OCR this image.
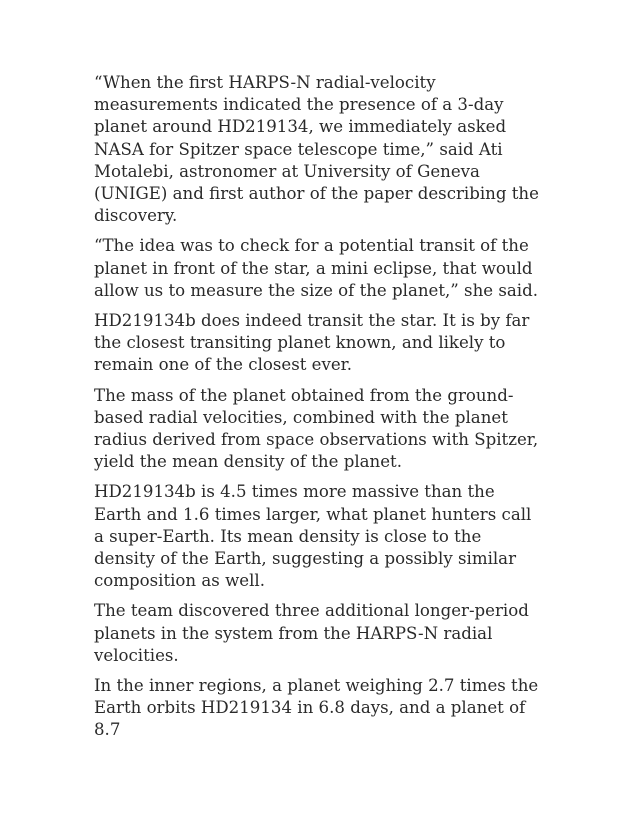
“When the first HARPS-N radial-velocity measurements indicated the presence of a 3-day planet around HD219134, we immediately asked NASA for Spitzer space telescope time,” said Ati Motalebi, astronomer at University of Geneva (UNIGE) and first author of the paper describing the discovery.

“The idea was to check for a potential transit of the planet in front of the star, a mini eclipse, that would allow us to measure the size of the planet,” she said.

HD219134b does indeed transit the star. It is by far the closest transiting planet known, and likely to remain one of the closest ever.

The mass of the planet obtained from the ground-based radial velocities, combined with the planet radius derived from space observations with Spitzer, yield the mean density of the planet.

HD219134b is 4.5 times more massive than the Earth and 1.6 times larger, what planet hunters call a super-Earth. Its mean density is close to the density of the Earth, suggesting a possibly similar composition as well.

The team discovered three additional longer-period planets in the system from the HARPS-N radial velocities.

In the inner regions, a planet weighing 2.7 times the Earth orbits HD219134 in 6.8 days, and a planet of 8.7
